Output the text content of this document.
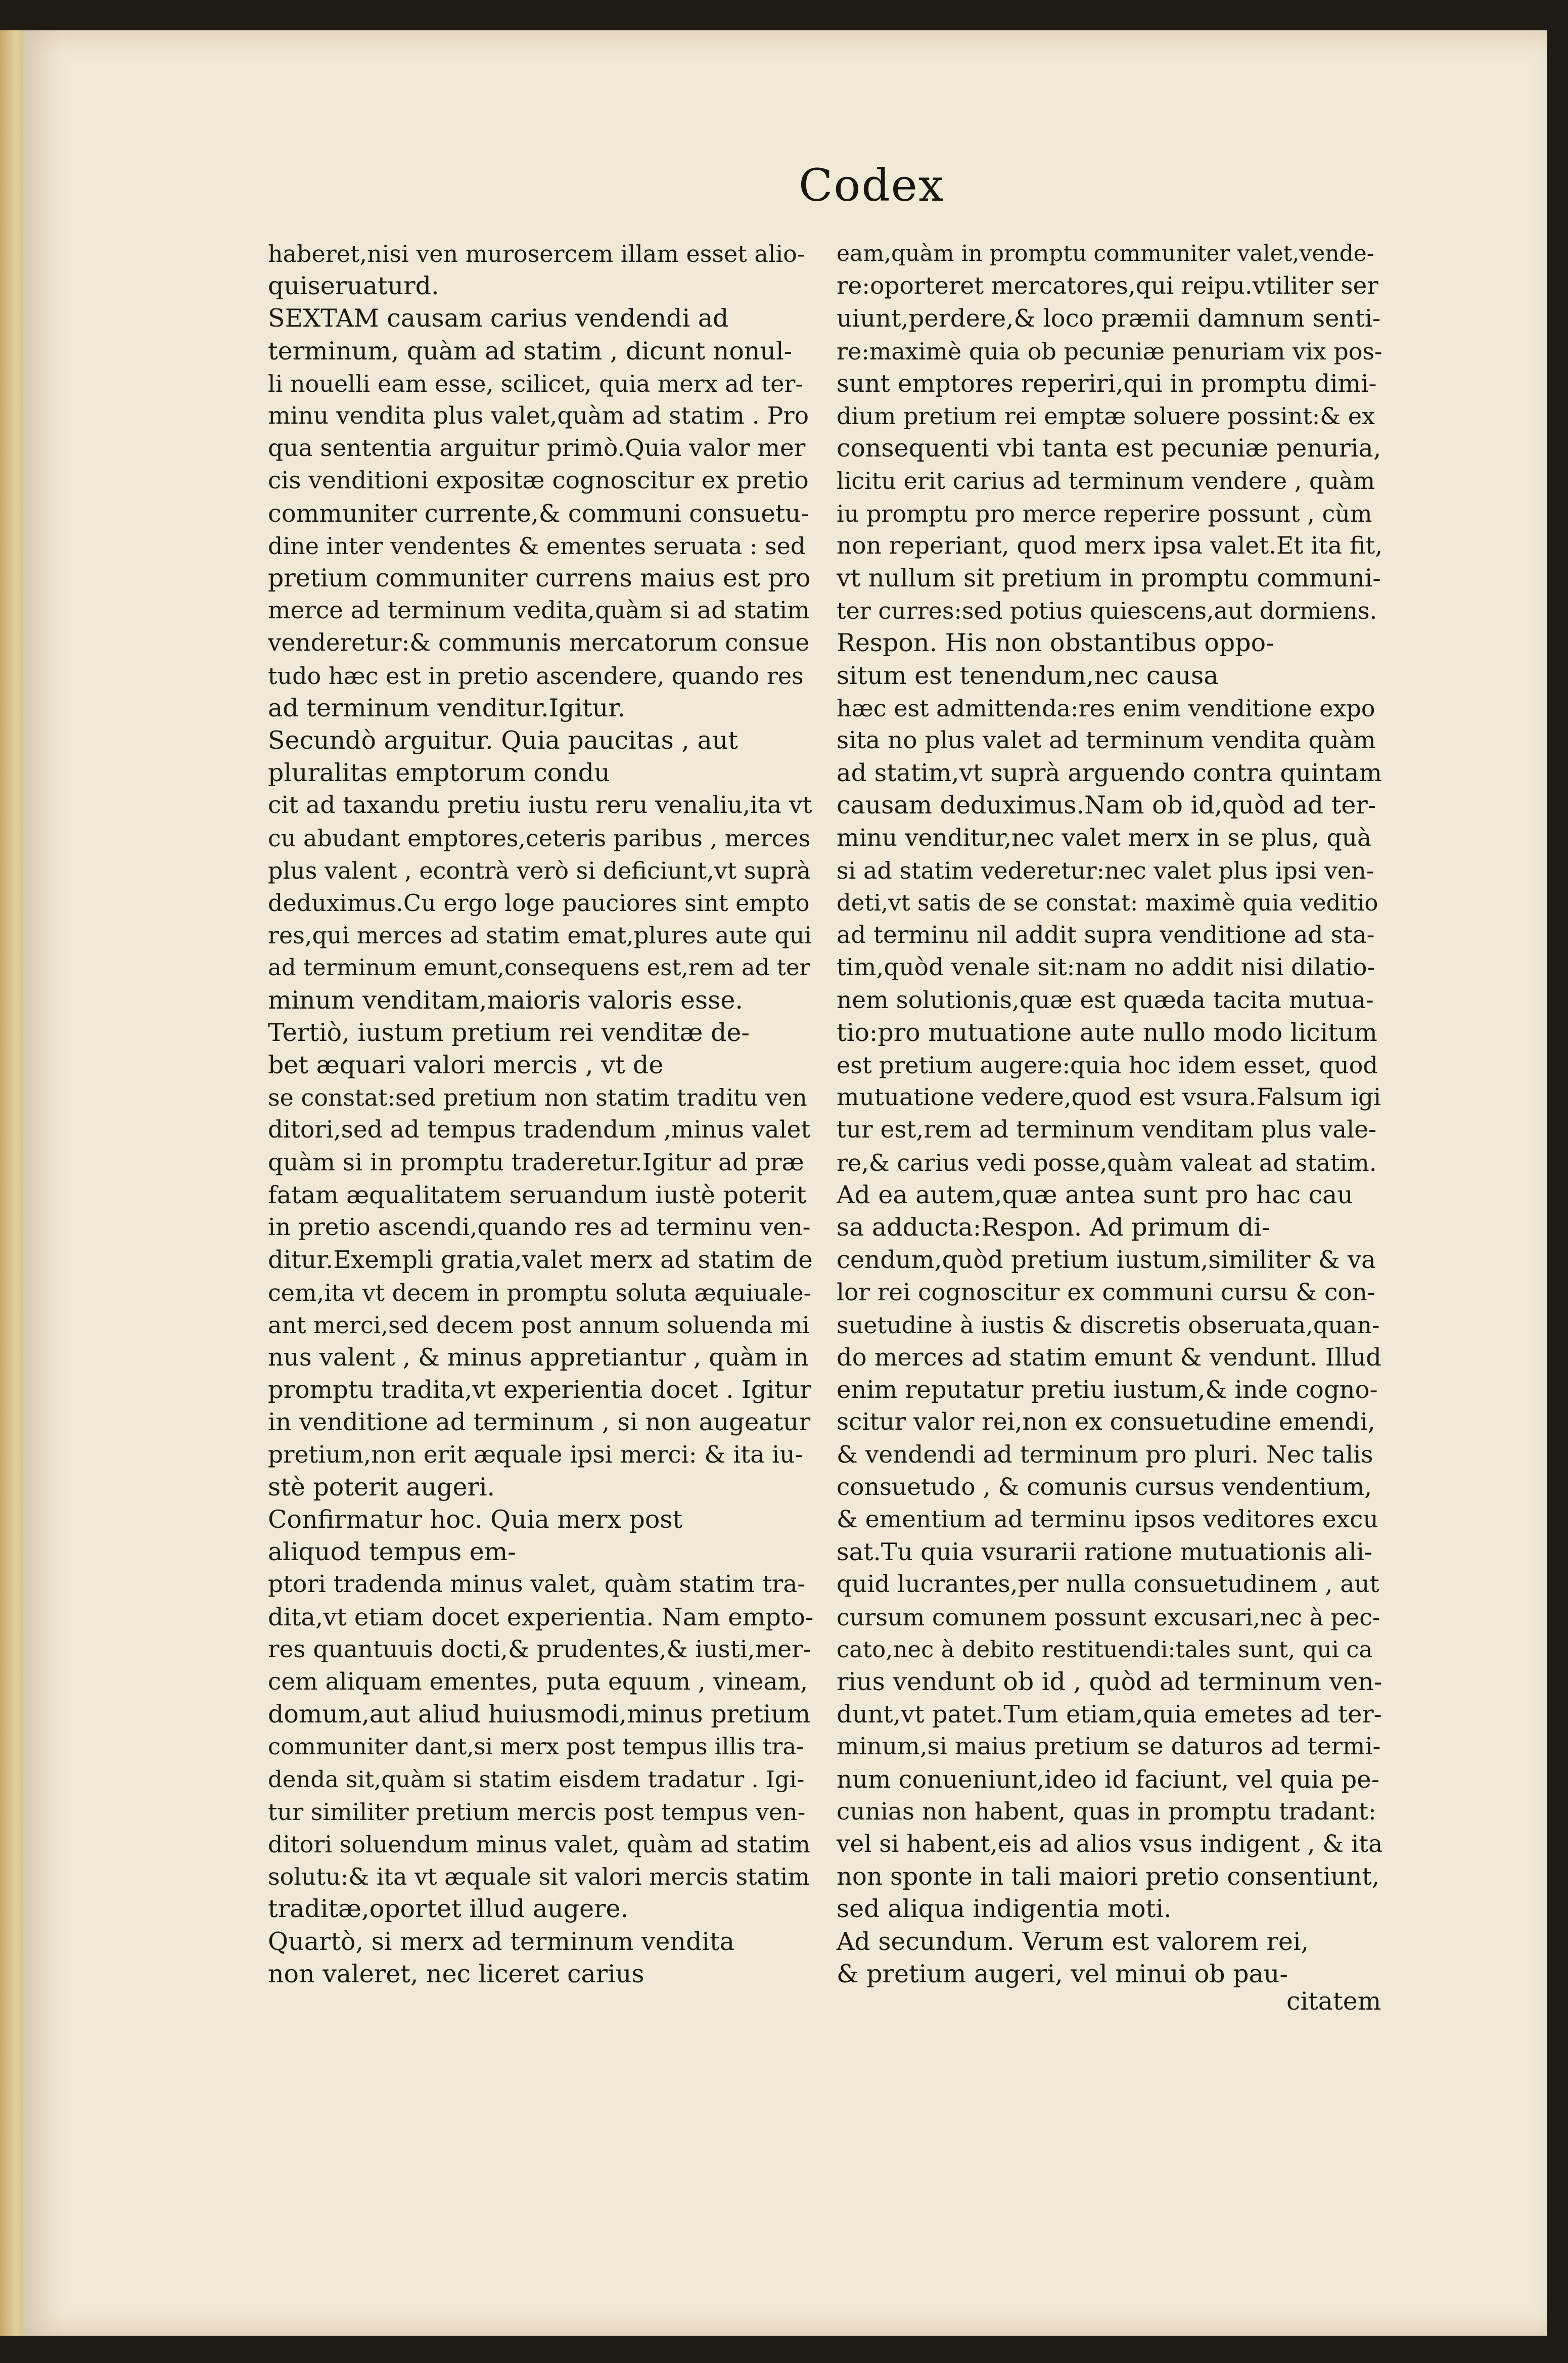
Codex

haberet,nisi ven murosercem illam esset alio-

quiseruaturd.

SEXTAM causam carius vendendi ad

terminum, quàm ad statim , dicunt nonul-

li nouelli eam esse, scilicet, quia merx ad ter-

minu vendita plus valet,quàm ad statim . Pro

qua sententia arguitur primò.Quia valor mer

cis venditioni expositæ cognoscitur ex pretio

communiter currente,& communi consuetu-

dine inter vendentes & ementes seruata : sed

pretium communiter currens maius est pro

merce ad terminum vedita,quàm si ad statim

venderetur:& communis mercatorum consue

tudo hæc est in pretio ascendere, quando res

ad terminum venditur.Igitur.

Secundò arguitur. Quia paucitas , aut

pluralitas emptorum condu

cit ad taxandu pretiu iustu reru venaliu,ita vt

cu abudant emptores,ceteris paribus , merces

plus valent , econtrà verò si deficiunt,vt suprà

deduximus.Cu ergo loge pauciores sint empto

res,qui merces ad statim emat,plures aute qui

ad terminum emunt,consequens est,rem ad ter

minum venditam,maioris valoris esse.

Tertiò, iustum pretium rei venditæ de-

bet æquari valori mercis , vt de

se constat:sed pretium non statim traditu ven

ditori,sed ad tempus tradendum ,minus valet

quàm si in promptu traderetur.Igitur ad præ

fatam æqualitatem seruandum iustè poterit

in pretio ascendi,quando res ad terminu ven-

ditur.Exempli gratia,valet merx ad statim de

cem,ita vt decem in promptu soluta æquiuale-

ant merci,sed decem post annum soluenda mi

nus valent , & minus appretiantur , quàm in

promptu tradita,vt experientia docet . Igitur

in venditione ad terminum , si non augeatur

pretium,non erit æquale ipsi merci: & ita iu-

stè poterit augeri.

Confirmatur hoc. Quia merx post

aliquod tempus em-

ptori tradenda minus valet, quàm statim tra-

dita,vt etiam docet experientia. Nam empto-

res quantuuis docti,& prudentes,& iusti,mer-

cem aliquam ementes, puta equum , vineam,

domum,aut aliud huiusmodi,minus pretium

communiter dant,si merx post tempus illis tra-

denda sit,quàm si statim eisdem tradatur . Igi-

tur similiter pretium mercis post tempus ven-

ditori soluendum minus valet, quàm ad statim

solutu:& ita vt æquale sit valori mercis statim

traditæ,oportet illud augere.

Quartò, si merx ad terminum vendita

non valeret, nec liceret carius

eam,quàm in promptu communiter valet,vende-

re:oporteret mercatores,qui reipu.vtiliter ser

uiunt,perdere,& loco præmii damnum senti-

re:maximè quia ob pecuniæ penuriam vix pos-

sunt emptores reperiri,qui in promptu dimi-

dium pretium rei emptæ soluere possint:& ex

consequenti vbi tanta est pecuniæ penuria,

licitu erit carius ad terminum vendere , quàm

iu promptu pro merce reperire possunt , cùm

non reperiant, quod merx ipsa valet.Et ita fit,

vt nullum sit pretium in promptu communi-

ter curres:sed potius quiescens,aut dormiens.

Respon. His non obstantibus oppo-

situm est tenendum,nec causa

hæc est admittenda:res enim venditione expo

sita no plus valet ad terminum vendita quàm

ad statim,vt suprà arguendo contra quintam

causam deduximus.Nam ob id,quòd ad ter-

minu venditur,nec valet merx in se plus, quà

si ad statim vederetur:nec valet plus ipsi ven-

deti,vt satis de se constat: maximè quia veditio

ad terminu nil addit supra venditione ad sta-

tim,quòd venale sit:nam no addit nisi dilatio-

nem solutionis,quæ est quæda tacita mutua-

tio:pro mutuatione aute nullo modo licitum

est pretium augere:quia hoc idem esset, quod

mutuatione vedere,quod est vsura.Falsum igi

tur est,rem ad terminum venditam plus vale-

re,& carius vedi posse,quàm valeat ad statim.

Ad ea autem,quæ antea sunt pro hac cau

sa adducta:Respon. Ad primum di-

cendum,quòd pretium iustum,similiter & va

lor rei cognoscitur ex communi cursu & con-

suetudine à iustis & discretis obseruata,quan-

do merces ad statim emunt & vendunt. Illud

enim reputatur pretiu iustum,& inde cogno-

scitur valor rei,non ex consuetudine emendi,

& vendendi ad terminum pro pluri. Nec talis

consuetudo , & comunis cursus vendentium,

& ementium ad terminu ipsos veditores excu

sat.Tu quia vsurarii ratione mutuationis ali-

quid lucrantes,per nulla consuetudinem , aut

cursum comunem possunt excusari,nec à pec-

cato,nec à debito restituendi:tales sunt, qui ca

rius vendunt ob id , quòd ad terminum ven-

dunt,vt patet.Tum etiam,quia emetes ad ter-

minum,si maius pretium se daturos ad termi-

num conueniunt,ideo id faciunt, vel quia pe-

cunias non habent, quas in promptu tradant:

vel si habent,eis ad alios vsus indigent , & ita

non sponte in tali maiori pretio consentiunt,

sed aliqua indigentia moti.

Ad secundum. Verum est valorem rei,

& pretium augeri, vel minui ob pau-

citatem
